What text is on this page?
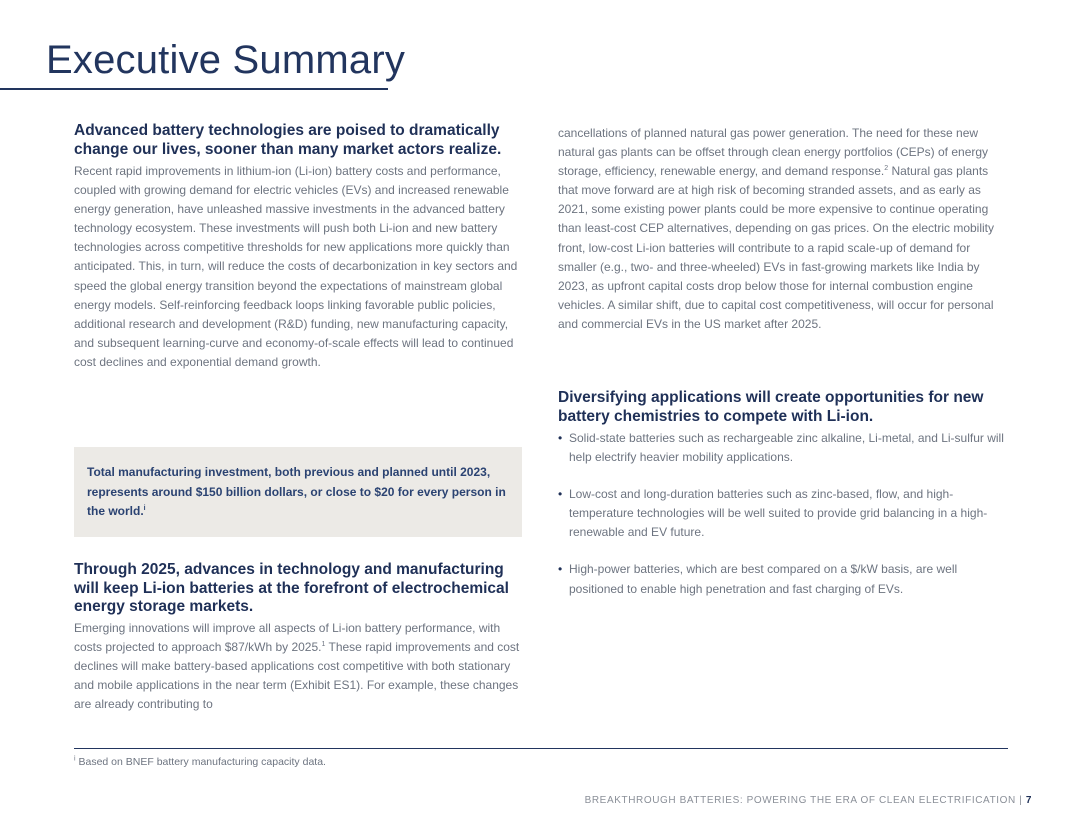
Executive Summary
Advanced battery technologies are poised to dramatically change our lives, sooner than many market actors realize.

Recent rapid improvements in lithium-ion (Li-ion) battery costs and performance, coupled with growing demand for electric vehicles (EVs) and increased renewable energy generation, have unleashed massive investments in the advanced battery technology ecosystem. These investments will push both Li-ion and new battery technologies across competitive thresholds for new applications more quickly than anticipated. This, in turn, will reduce the costs of decarbonization in key sectors and speed the global energy transition beyond the expectations of mainstream global energy models. Self-reinforcing feedback loops linking favorable public policies, additional research and development (R&D) funding, new manufacturing capacity, and subsequent learning-curve and economy-of-scale effects will lead to continued cost declines and exponential demand growth.

Total manufacturing investment, both previous and planned until 2023, represents around $150 billion dollars, or close to $20 for every person in the world.$^i$

Through 2025, advances in technology and manufacturing will keep Li-ion batteries at the forefront of electrochemical energy storage markets.

Emerging innovations will improve all aspects of Li-ion battery performance, with costs projected to approach $87/kWh by 2025.$^1$ These rapid improvements and cost declines will make battery-based applications cost competitive with both stationary and mobile applications in the near term (Exhibit ES1). For example, these changes are already contributing to

cancellations of planned natural gas power generation. The need for these new natural gas plants can be offset through clean energy portfolios (CEPs) of energy storage, efficiency, renewable energy, and demand response.$^2$ Natural gas plants that move forward are at high risk of becoming stranded assets, and as early as 2021, some existing power plants could be more expensive to continue operating than least-cost CEP alternatives, depending on gas prices. On the electric mobility front, low-cost Li-ion batteries will contribute to a rapid scale-up of demand for smaller (e.g., two- and three-wheeled) EVs in fast-growing markets like India by 2023, as upfront capital costs drop below those for internal combustion engine vehicles. A similar shift, due to capital cost competitiveness, will occur for personal and commercial EVs in the US market after 2025.

Diversifying applications will create opportunities for new battery chemistries to compete with Li-ion.
• Solid-state batteries such as rechargeable zinc alkaline, Li-metal, and Li-sulfur will help electrify heavier mobility applications.
• Low-cost and long-duration batteries such as zinc-based, flow, and high-temperature technologies will be well suited to provide grid balancing in a high-renewable and EV future.
• High-power batteries, which are best compared on a $/kW basis, are well positioned to enable high penetration and fast charging of EVs.
$^i$ Based on BNEF battery manufacturing capacity data.
BREAKTHROUGH BATTERIES: POWERING THE ERA OF CLEAN ELECTRIFICATION | 7
